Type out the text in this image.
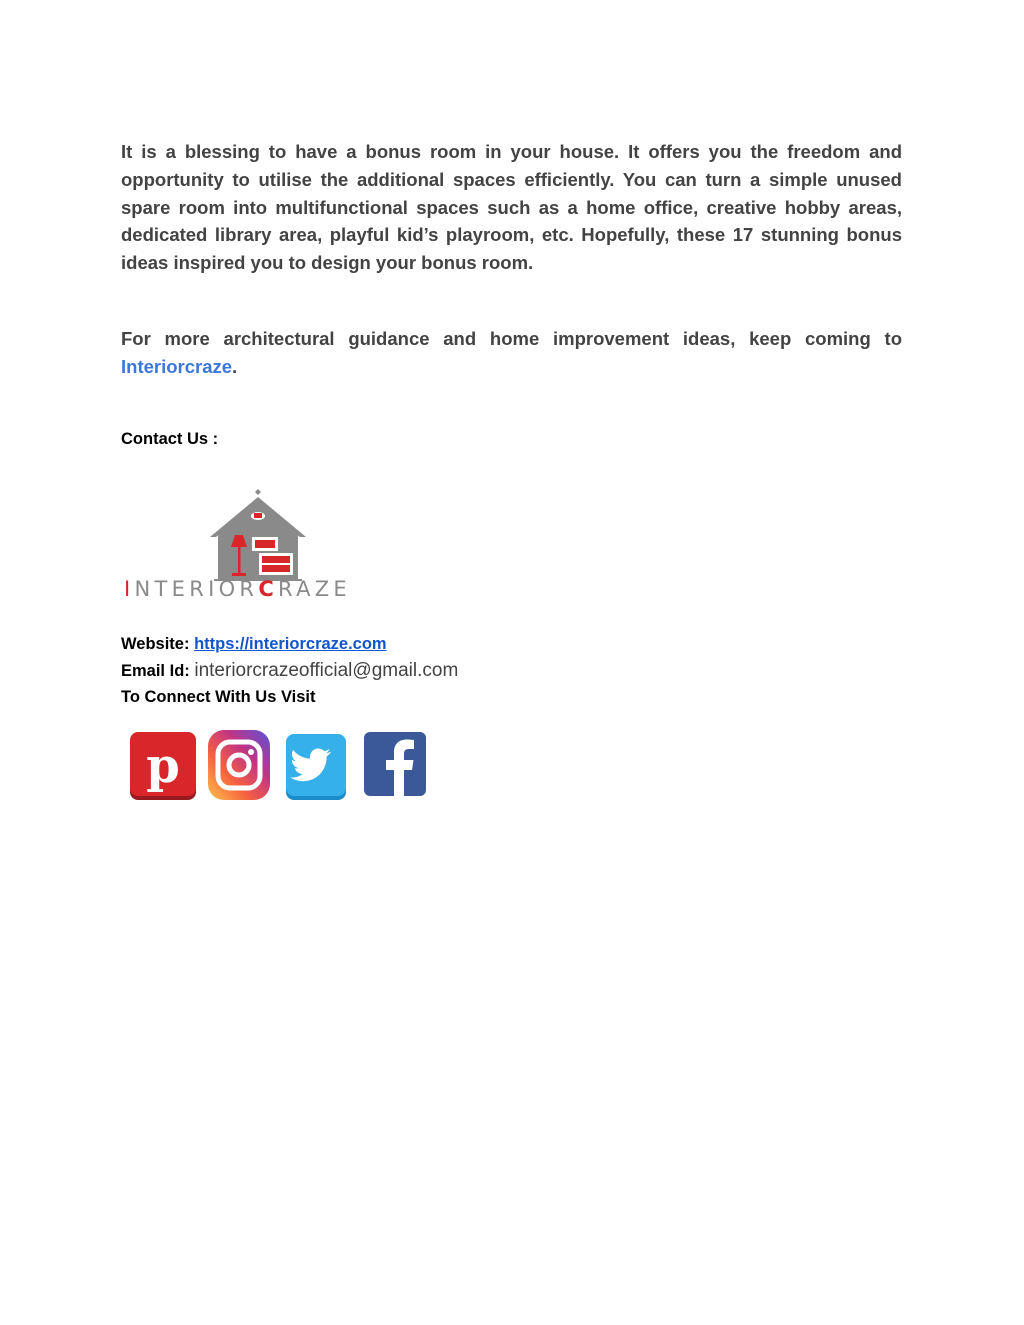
It is a blessing to have a bonus room in your house. It offers you the freedom and opportunity to utilise the additional spaces efficiently. You can turn a simple unused spare room into multifunctional spaces such as a home office, creative hobby areas, dedicated library area, playful kid’s playroom, etc. Hopefully, these 17 stunning bonus ideas inspired you to design your bonus room.

For more architectural guidance and home improvement ideas, keep coming to Interiorcraze.

Contact Us :

INTERIORCRAZE
Website: https://interiorcraze.com
Email Id: interiorcrazeofficial@gmail.com
To Connect With Us Visit
p
